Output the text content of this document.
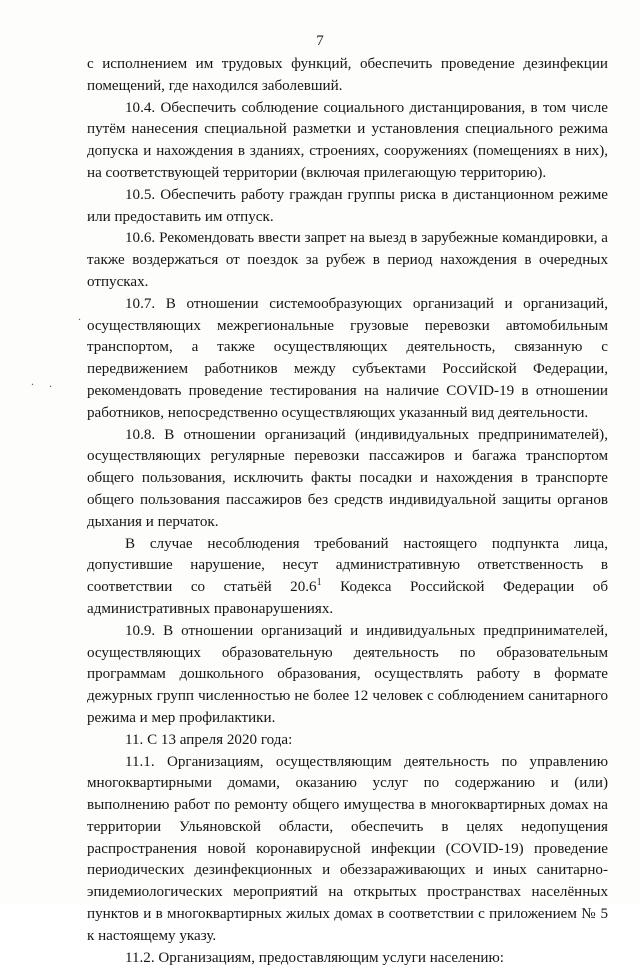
7

с исполнением им трудовых функций, обеспечить проведение дезинфекции помещений, где находился заболевший.

10.4. Обеспечить соблюдение социального дистанцирования, в том числе путём нанесения специальной разметки и установления специального режима допуска и нахождения в зданиях, строениях, сооружениях (помещениях в них), на соответствующей территории (включая прилегающую территорию).

10.5. Обеспечить работу граждан группы риска в дистанционном режиме или предоставить им отпуск.

10.6. Рекомендовать ввести запрет на выезд в зарубежные командировки, а также воздержаться от поездок за рубеж в период нахождения в очередных отпусках.

10.7. В отношении системообразующих организаций и организаций, осуществляющих межрегиональные грузовые перевозки автомобильным транспортом, а также осуществляющих деятельность, связанную с передвижением работников между субъектами Российской Федерации, рекомендовать проведение тестирования на наличие COVID-19 в отношении работников, непосредственно осуществляющих указанный вид деятельности.

10.8. В отношении организаций (индивидуальных предпринимателей), осуществляющих регулярные перевозки пассажиров и багажа транспортом общего пользования, исключить факты посадки и нахождения в транспорте общего пользования пассажиров без средств индивидуальной защиты органов дыхания и перчаток.

В случае несоблюдения требований настоящего подпункта лица, допустившие нарушение, несут административную ответственность в соответствии со статьёй 20.6$^1$ Кодекса Российской Федерации об административных правонарушениях.

10.9. В отношении организаций и индивидуальных предпринимателей, осуществляющих образовательную деятельность по образовательным программам дошкольного образования, осуществлять работу в формате дежурных групп численностью не более 12 человек с соблюдением санитарного режима и мер профилактики.

11. С 13 апреля 2020 года:

11.1. Организациям, осуществляющим деятельность по управлению многоквартирными домами, оказанию услуг по содержанию и (или) выполнению работ по ремонту общего имущества в многоквартирных домах на территории Ульяновской области, обеспечить в целях недопущения распространения новой коронавирусной инфекции (COVID-19) проведение периодических дезинфекционных и обеззараживающих и иных санитарно-эпидемиологических мероприятий на открытых пространствах населённых пунктов и в многоквартирных жилых домах в соответствии с приложением № 5 к настоящему указу.

11.2. Организациям, предоставляющим услуги населению:

.
. .
